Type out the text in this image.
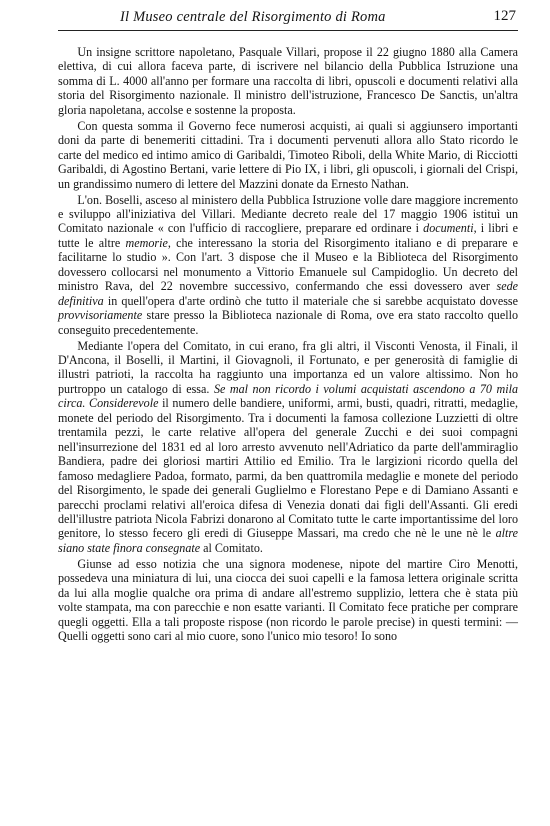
Il Museo centrale del Risorgimento di Roma	127

Un insigne scrittore napoletano, Pasquale Villari, propose il 22 giugno 1880 alla Camera elettiva, di cui allora faceva parte, di iscrivere nel bilancio della Pubblica Istruzione una somma di L. 4000 all'anno per formare una raccolta di libri, opuscoli e documenti relativi alla storia del Risorgimento nazionale. Il ministro dell'istruzione, Francesco De Sanctis, un'altra gloria napoletana, accolse e sostenne la proposta.

Con questa somma il Governo fece numerosi acquisti, ai quali si aggiunsero importanti doni da parte di benemeriti cittadini. Tra i documenti pervenuti allora allo Stato ricordo le carte del medico ed intimo amico di Garibaldi, Timoteo Riboli, della White Mario, di Ricciotti Garibaldi, di Agostino Bertani, varie lettere di Pio IX, i libri, gli opuscoli, i giornali del Crispi, un grandissimo numero di lettere del Mazzini donate da Ernesto Nathan.

L'on. Boselli, asceso al ministero della Pubblica Istruzione volle dare maggiore incremento e sviluppo all'iniziativa del Villari. Mediante decreto reale del 17 maggio 1906 istituì un Comitato nazionale « con l'ufficio di raccogliere, preparare ed ordinare i documenti, i libri e tutte le altre memorie, che interessano la storia del Risorgimento italiano e di preparare e facilitarne lo studio ». Con l'art. 3 dispose che il Museo e la Biblioteca del Risorgimento dovessero collocarsi nel monumento a Vittorio Emanuele sul Campidoglio. Un decreto del ministro Rava, del 22 novembre successivo, confermando che essi dovessero aver sede definitiva in quell'opera d'arte ordinò che tutto il materiale che si sarebbe acquistato dovesse provvisoriamente stare presso la Biblioteca nazionale di Roma, ove era stato raccolto quello conseguito precedentemente.

Mediante l'opera del Comitato, in cui erano, fra gli altri, il Visconti Venosta, il Finali, il D'Ancona, il Boselli, il Martini, il Giovagnoli, il Fortunato, e per generosità di famiglie di illustri patrioti, la raccolta ha raggiunto una importanza ed un valore altissimo. Non ho purtroppo un catalogo di essa. Se mal non ricordo i volumi acquistati ascendono a 70 mila circa. Considerevole il numero delle bandiere, uniformi, armi, busti, quadri, ritratti, medaglie, monete del periodo del Risorgimento. Tra i documenti la famosa collezione Luzzietti di oltre trentamila pezzi, le carte relative all'opera del generale Zucchi e dei suoi compagni nell'insurrezione del 1831 ed al loro arresto avvenuto nell'Adriatico da parte dell'ammiraglio Bandiera, padre dei gloriosi martiri Attilio ed Emilio. Tra le largizioni ricordo quella del famoso medagliere Padoa, formato, parmi, da ben quattromila medaglie e monete del periodo del Risorgimento, le spade dei generali Guglielmo e Florestano Pepe e di Damiano Assanti e parecchi proclami relativi all'eroica difesa di Venezia donati dai figli dell'Assanti. Gli eredi dell'illustre patriota Nicola Fabrizi donarono al Comitato tutte le carte importantissime del loro genitore, lo stesso fecero gli eredi di Giuseppe Massari, ma credo che nè le une nè le altre siano state finora consegnate al Comitato.

Giunse ad esso notizia che una signora modenese, nipote del martire Ciro Menotti, possedeva una miniatura di lui, una ciocca dei suoi capelli e la famosa lettera originale scritta da lui alla moglie qualche ora prima di andare all'estremo supplizio, lettera che è stata più volte stampata, ma con parecchie e non esatte varianti. Il Comitato fece pratiche per comprare quegli oggetti. Ella a tali proposte rispose (non ricordo le parole precise) in questi termini: — Quelli oggetti sono cari al mio cuore, sono l'unico mio tesoro! Io sono
